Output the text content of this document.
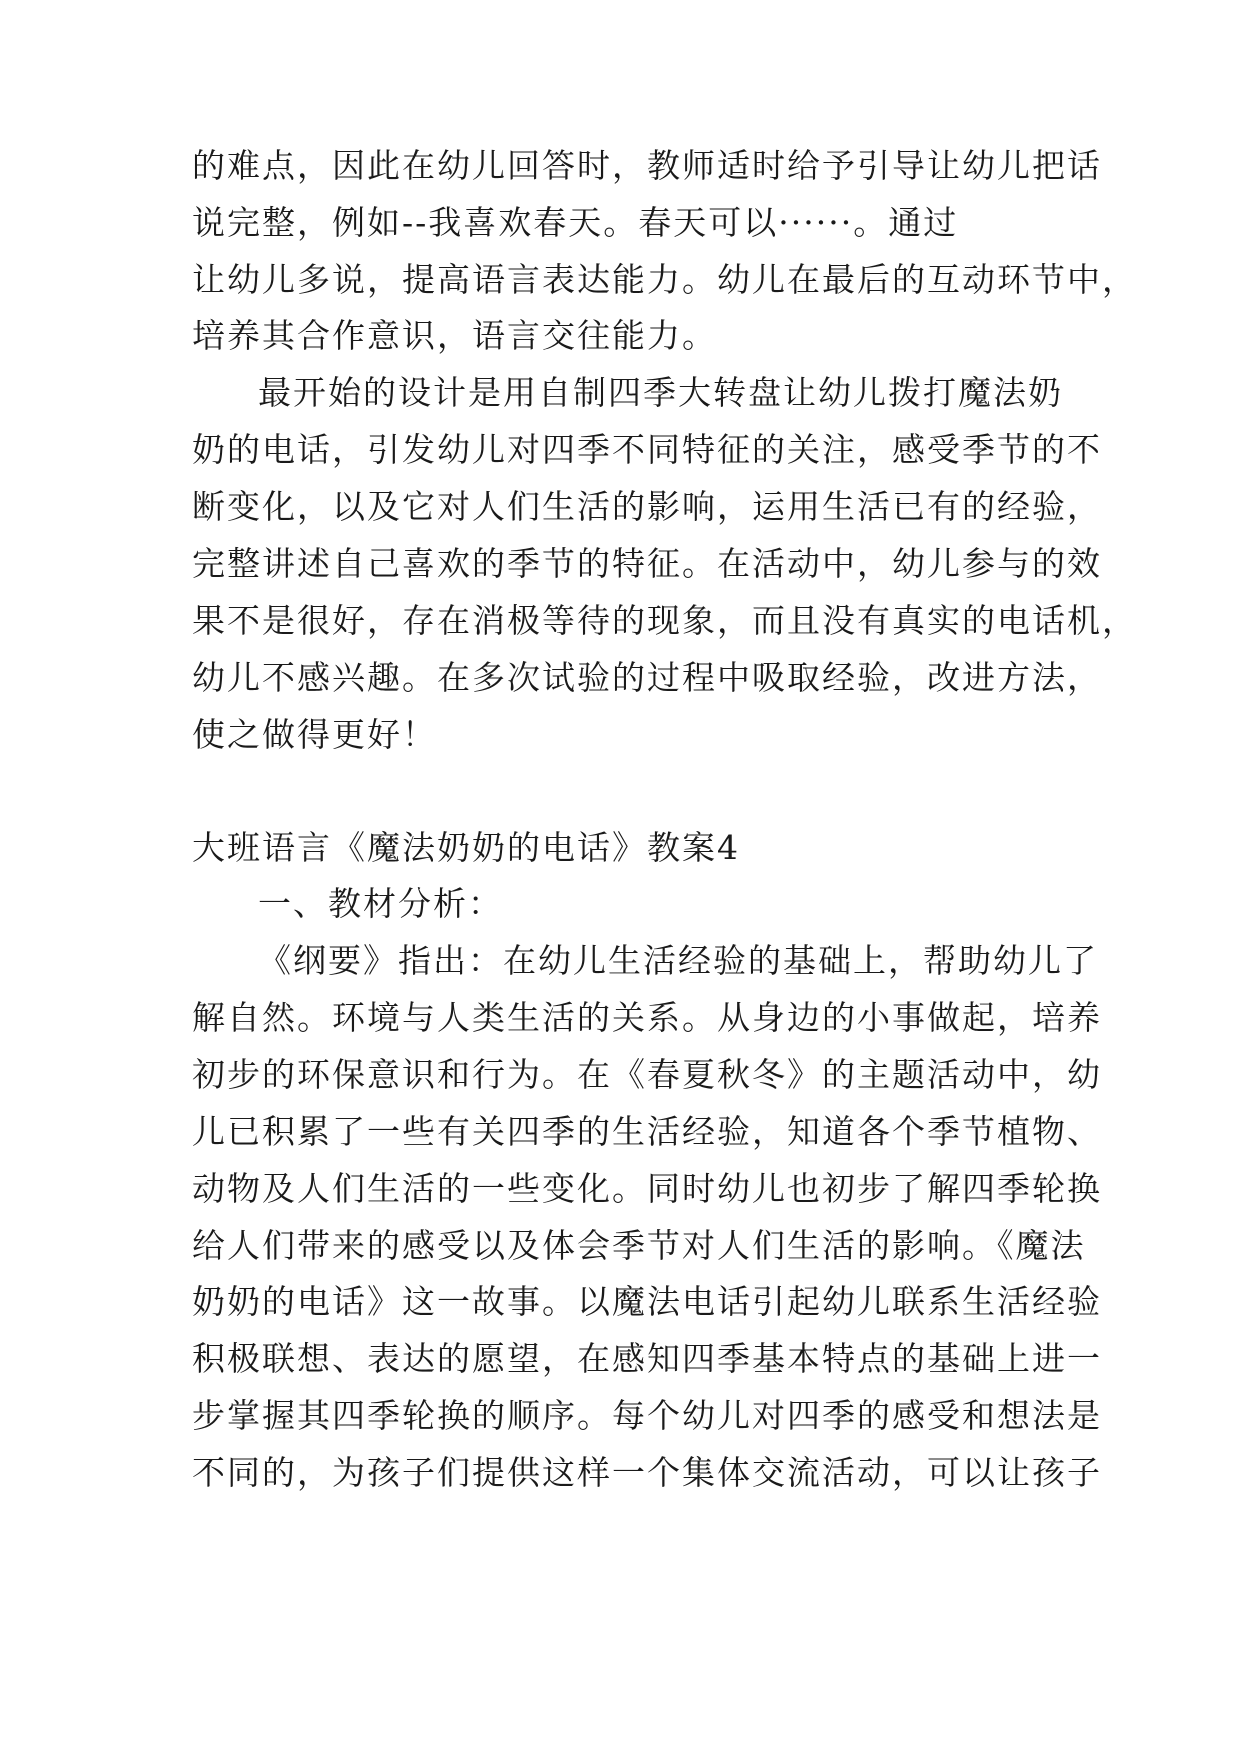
的难点，因此在幼儿回答时，教师适时给予引导让幼儿把话
说完整，例如--我喜欢春天。春天可以······。通过
让幼儿多说，提高语言表达能力。幼儿在最后的互动环节中，
培养其合作意识，语言交往能力。
最开始的设计是用自制四季大转盘让幼儿拨打魔法奶
奶的电话，引发幼儿对四季不同特征的关注，感受季节的不
断变化，以及它对人们生活的影响，运用生活已有的经验，
完整讲述自己喜欢的季节的特征。在活动中，幼儿参与的效
果不是很好，存在消极等待的现象，而且没有真实的电话机，
幼儿不感兴趣。在多次试验的过程中吸取经验，改进方法，
使之做得更好！
大班语言《魔法奶奶的电话》教案4
一、教材分析：
《纲要》指出：在幼儿生活经验的基础上，帮助幼儿了
解自然。环境与人类生活的关系。从身边的小事做起，培养
初步的环保意识和行为。在《春夏秋冬》的主题活动中，幼
儿已积累了一些有关四季的生活经验，知道各个季节植物、
动物及人们生活的一些变化。同时幼儿也初步了解四季轮换
给人们带来的感受以及体会季节对人们生活的影响。《魔法
奶奶的电话》这一故事。以魔法电话引起幼儿联系生活经验
积极联想、表达的愿望，在感知四季基本特点的基础上进一
步掌握其四季轮换的顺序。每个幼儿对四季的感受和想法是
不同的，为孩子们提供这样一个集体交流活动，可以让孩子
